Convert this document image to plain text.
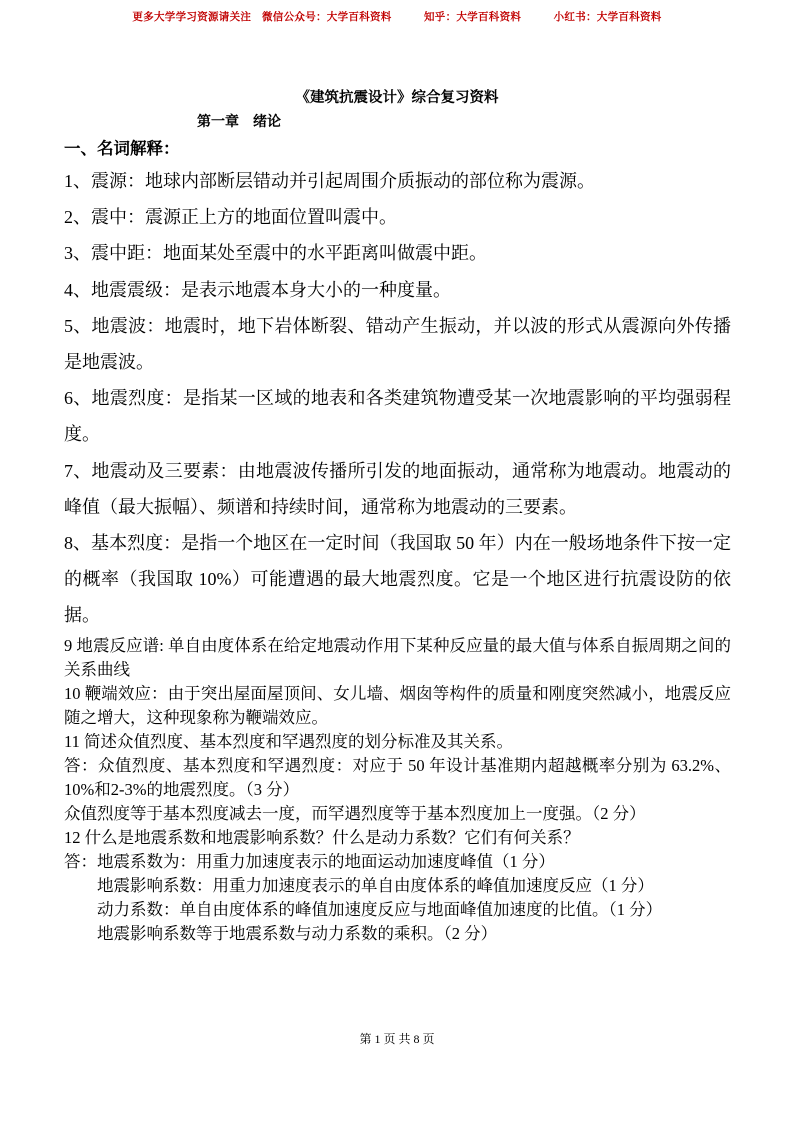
更多大学学习资源请关注　微信公众号：大学百科资料　　　知乎：大学百科资料　　　小红书：大学百科资料
《建筑抗震设计》综合复习资料
第一章　绪论
一、名词解释：

1、震源：地球内部断层错动并引起周围介质振动的部位称为震源。

2、震中：震源正上方的地面位置叫震中。

3、震中距：地面某处至震中的水平距离叫做震中距。

4、地震震级：是表示地震本身大小的一种度量。

5、地震波：地震时，地下岩体断裂、错动产生振动，并以波的形式从震源向外传播是地震波。

6、地震烈度：是指某一区域的地表和各类建筑物遭受某一次地震影响的平均强弱程度。

7、地震动及三要素：由地震波传播所引发的地面振动，通常称为地震动。地震动的峰值（最大振幅）、频谱和持续时间，通常称为地震动的三要素。

8、基本烈度：是指一个地区在一定时间（我国取 50 年）内在一般场地条件下按一定的概率（我国取 10%）可能遭遇的最大地震烈度。它是一个地区进行抗震设防的依据。

9 地震反应谱: 单自由度体系在给定地震动作用下某种反应量的最大值与体系自振周期之间的关系曲线

10 鞭端效应：由于突出屋面屋顶间、女儿墙、烟囱等构件的质量和刚度突然减小，地震反应随之增大，这种现象称为鞭端效应。

11 简述众值烈度、基本烈度和罕遇烈度的划分标准及其关系。

答：众值烈度、基本烈度和罕遇烈度：对应于 50 年设计基准期内超越概率分别为 63.2%、10%和2-3%的地震烈度。（3 分）

众值烈度等于基本烈度减去一度，而罕遇烈度等于基本烈度加上一度强。（2 分）

12 什么是地震系数和地震影响系数？什么是动力系数？它们有何关系？

答：地震系数为：用重力加速度表示的地面运动加速度峰值（1 分）

地震影响系数：用重力加速度表示的单自由度体系的峰值加速度反应（1 分）

动力系数：单自由度体系的峰值加速度反应与地面峰值加速度的比值。（1 分）

地震影响系数等于地震系数与动力系数的乘积。（2 分）

第 1 页 共 8 页
